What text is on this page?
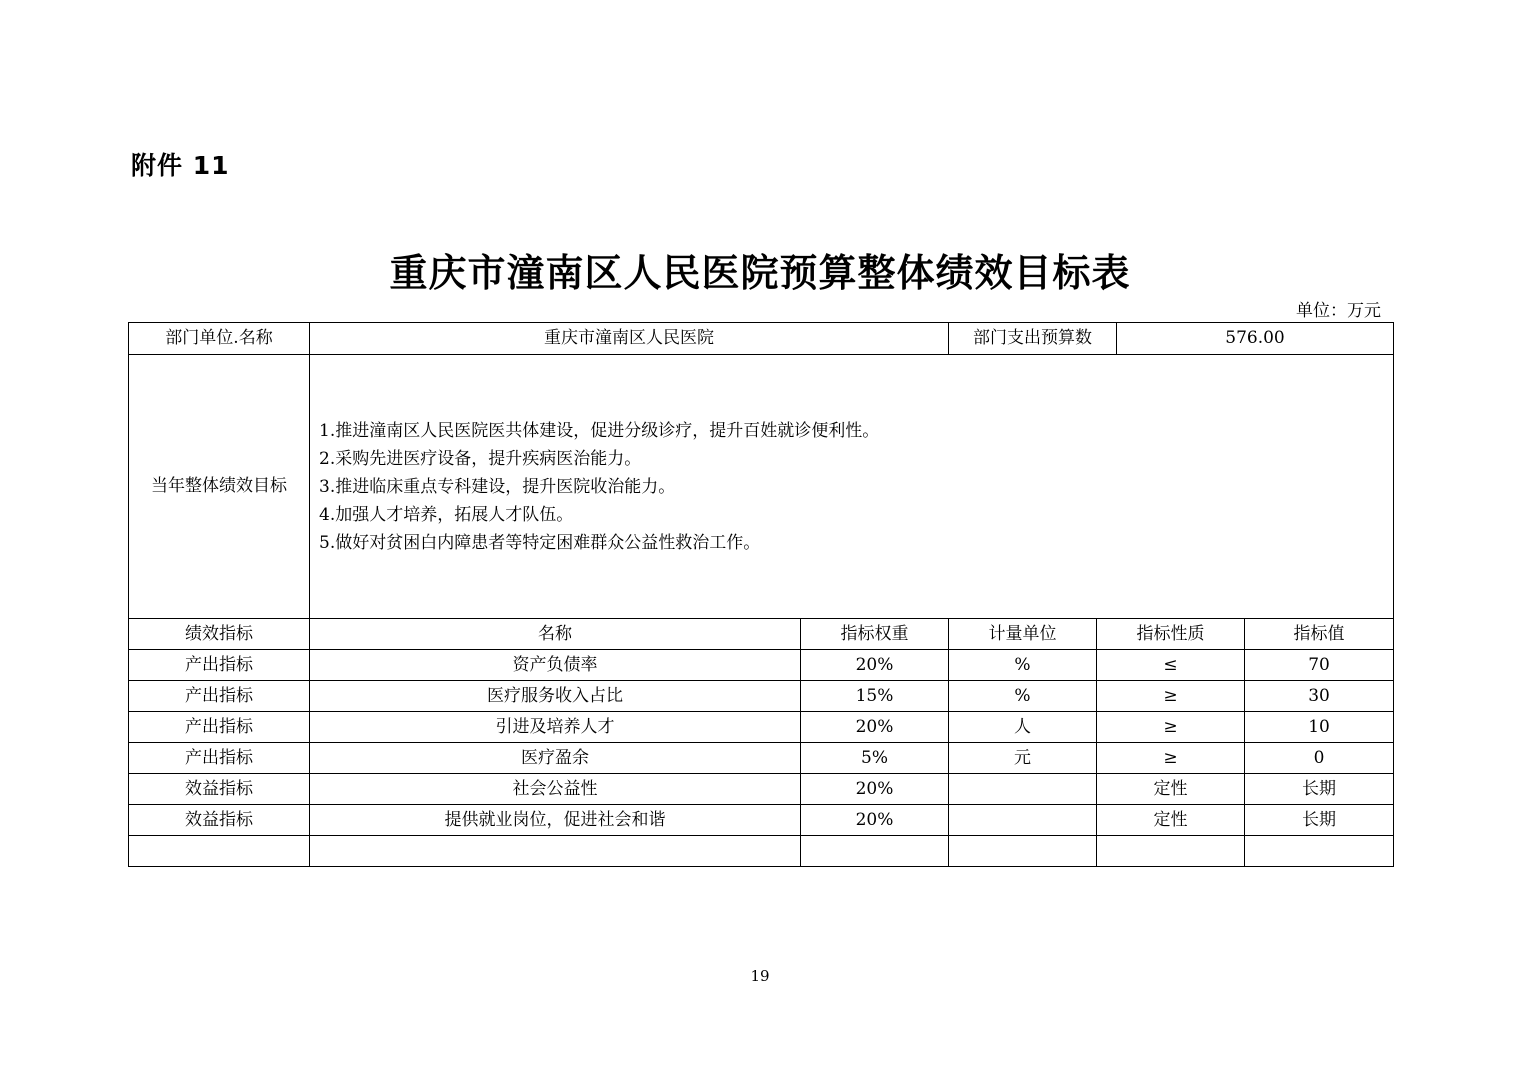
附件 11
重庆市潼南区人民医院预算整体绩效目标表
单位：万元
部门单位.名称	重庆市潼南区人民医院		部门支出预算数	576.00

当年整体绩效目标	
1.推进潼南区人民医院医共体建设，促进分级诊疗，提升百姓就诊便利性。
2.采购先进医疗设备，提升疾病医治能力。
3.推进临床重点专科建设，提升医院收治能力。
4.加强人才培养，拓展人才队伍。
5.做好对贫困白内障患者等特定困难群众公益性救治工作。

绩效指标	名称	指标权重	计量单位	指标性质	指标值
产出指标	资产负债率	20%	%	≤	70
产出指标	医疗服务收入占比	15%	%	≥	30
产出指标	引进及培养人才	20%	人	≥	10
产出指标	医疗盈余	5%	元	≥	0
效益指标	社会公益性	20%		定性	长期
效益指标	提供就业岗位，促进社会和谐	20%		定性	长期

19
